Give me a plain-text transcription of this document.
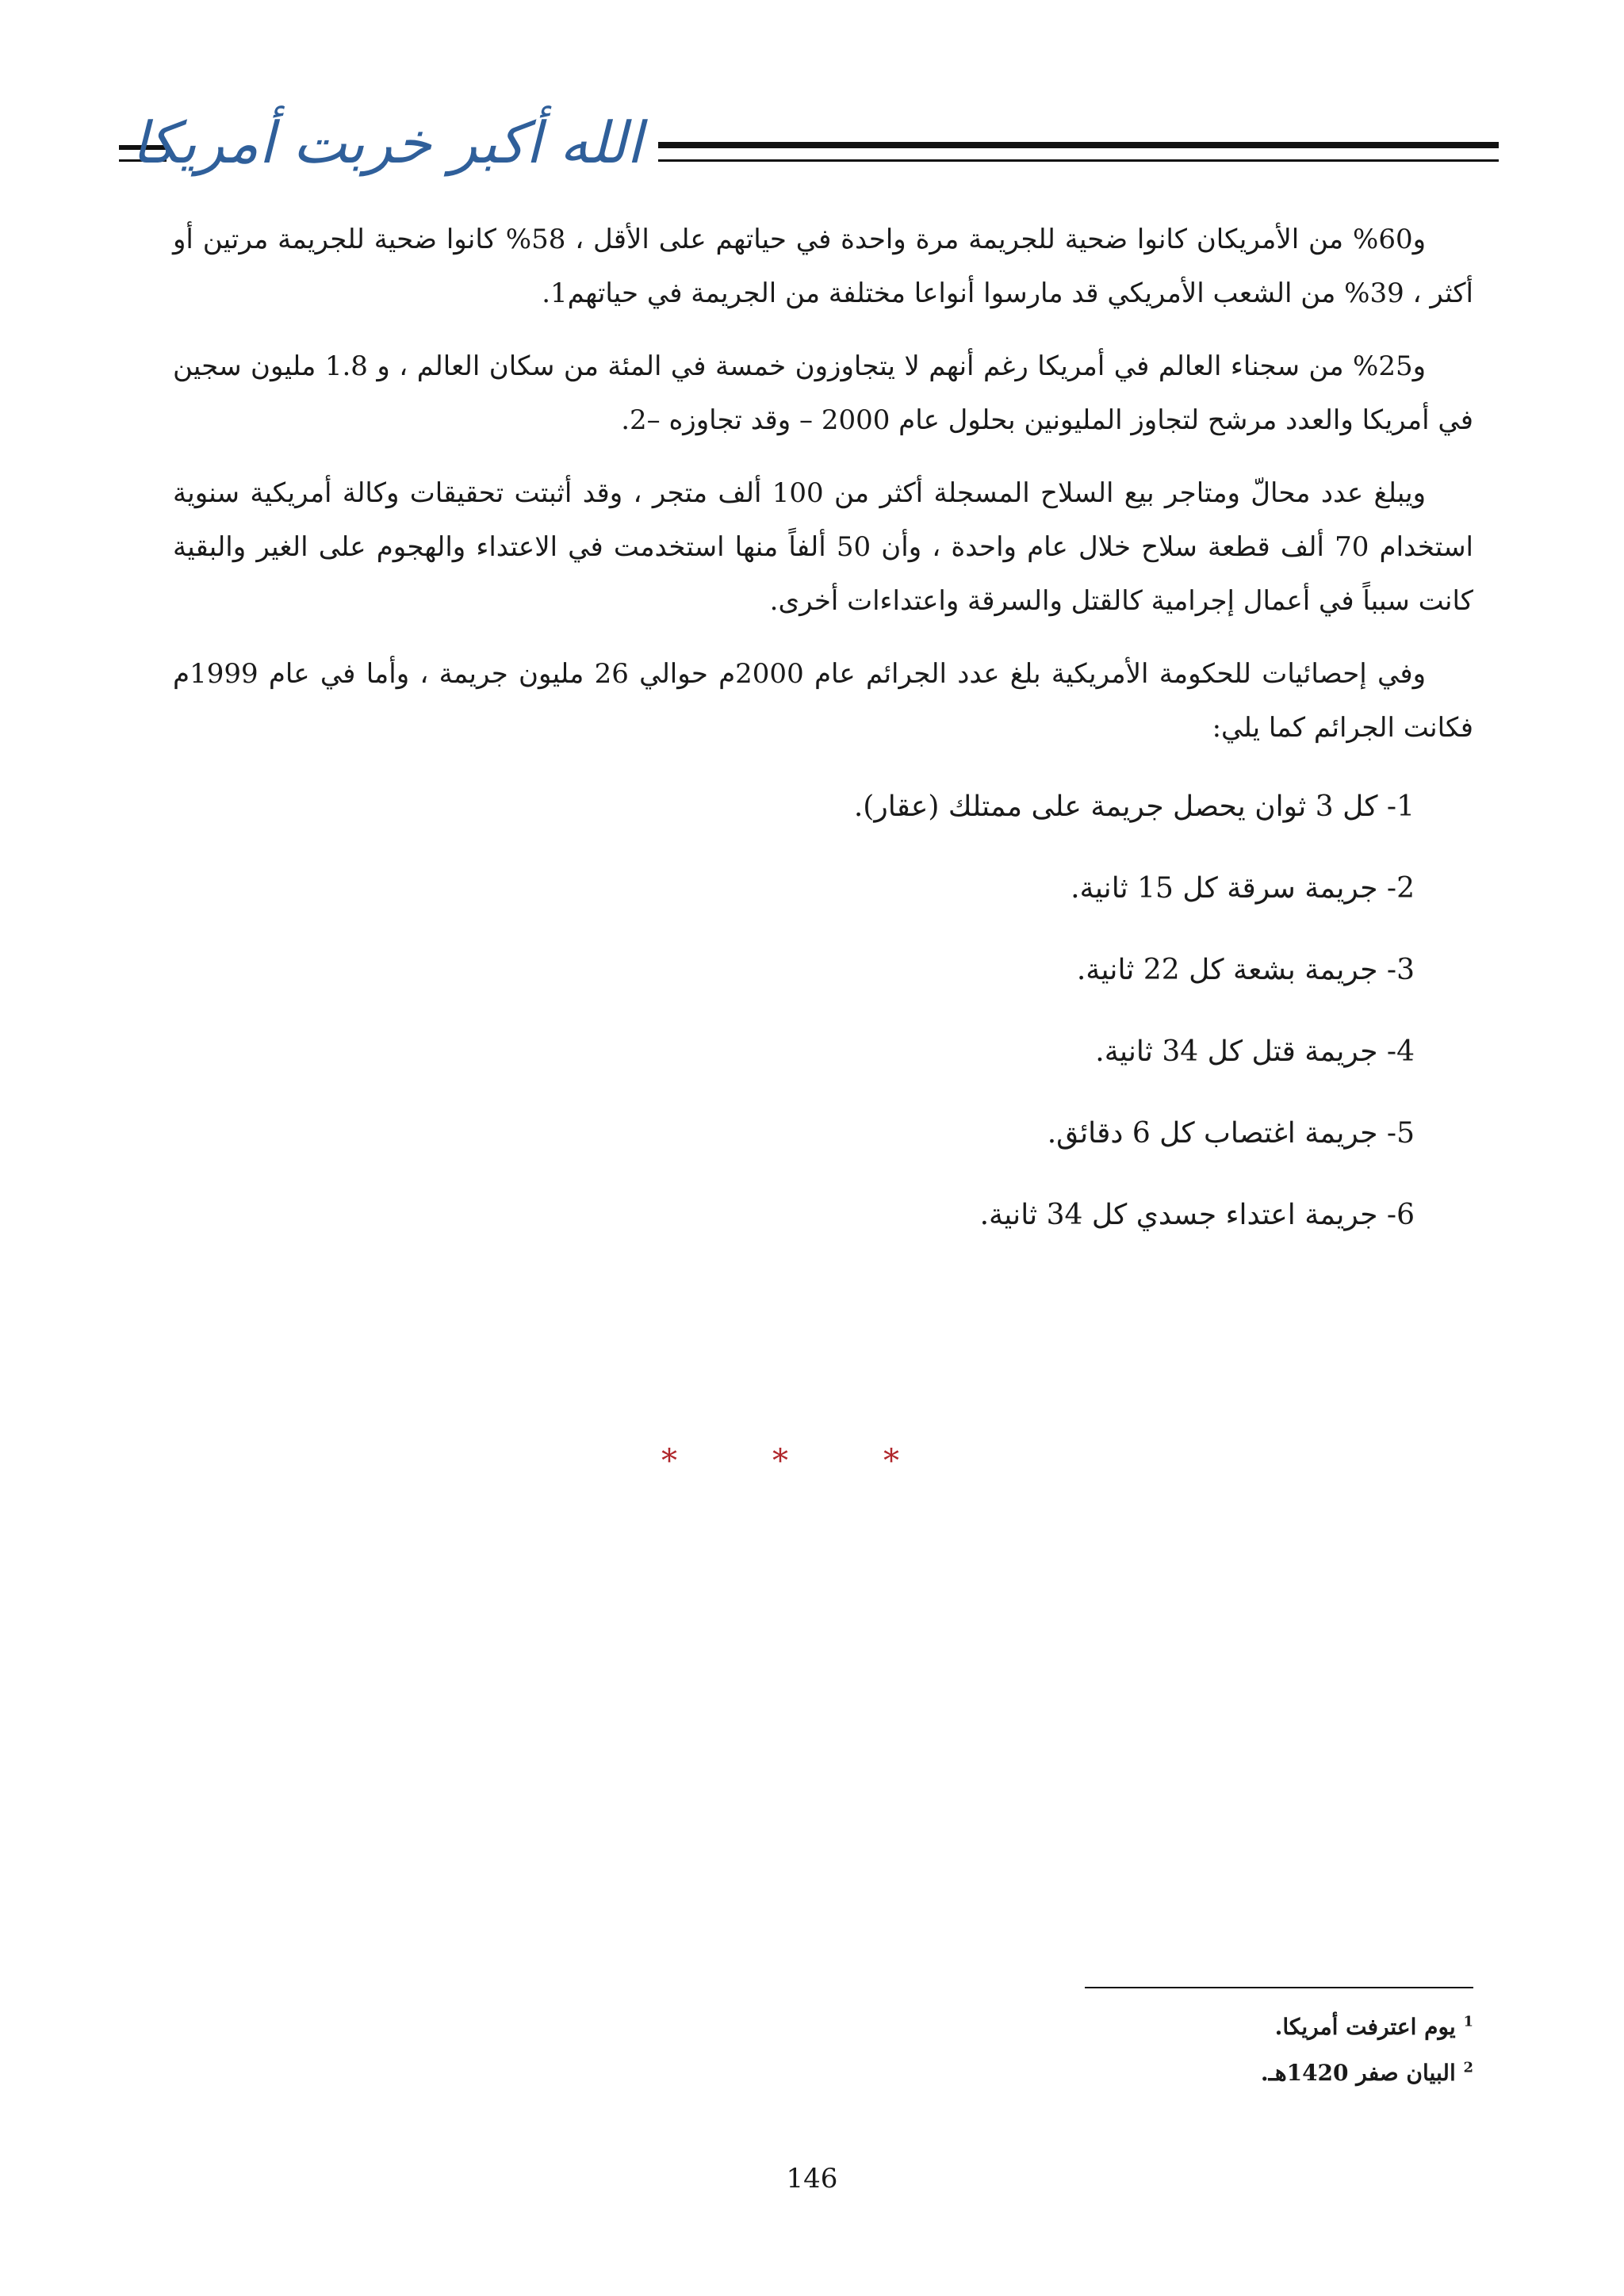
الله أكبر خربت أمريكا

و60% من الأمريكان كانوا ضحية للجريمة مرة واحدة في حياتهم على الأقل ، 58% كانوا ضحية للجريمة مرتين أو أكثر ، 39% من الشعب الأمريكي قد مارسوا أنواعا مختلفة من الجريمة في حياتهم1.

و25% من سجناء العالم في أمريكا رغم أنهم لا يتجاوزون خمسة في المئة من سكان العالم ، و 1.8 مليون سجين في أمريكا والعدد مرشح لتجاوز المليونين بحلول عام 2000 – وقد تجاوزه –2.

ويبلغ عدد محالّ ومتاجر بيع السلاح المسجلة أكثر من 100 ألف متجر ، وقد أثبتت تحقيقات وكالة أمريكية سنوية استخدام 70 ألف قطعة سلاح خلال عام واحدة ، وأن 50 ألفاً منها استخدمت في الاعتداء والهجوم على الغير والبقية كانت سبباً في أعمال إجرامية كالقتل والسرقة واعتداءات أخرى.

وفي إحصائيات للحكومة الأمريكية بلغ عدد الجرائم عام 2000م حوالي 26 مليون جريمة ، وأما في عام 1999م فكانت الجرائم كما يلي:

1- كل 3 ثوان يحصل جريمة على ممتلك (عقار).
2- جريمة سرقة كل 15 ثانية.
3- جريمة بشعة كل 22 ثانية.
4- جريمة قتل كل 34 ثانية.
5- جريمة اغتصاب كل 6 دقائق.
6- جريمة اعتداء جسدي كل 34 ثانية.
*	*	*
$^1$ يوم اعترفت أمريكا.
$^2$ البيان صفر 1420هـ.
146
